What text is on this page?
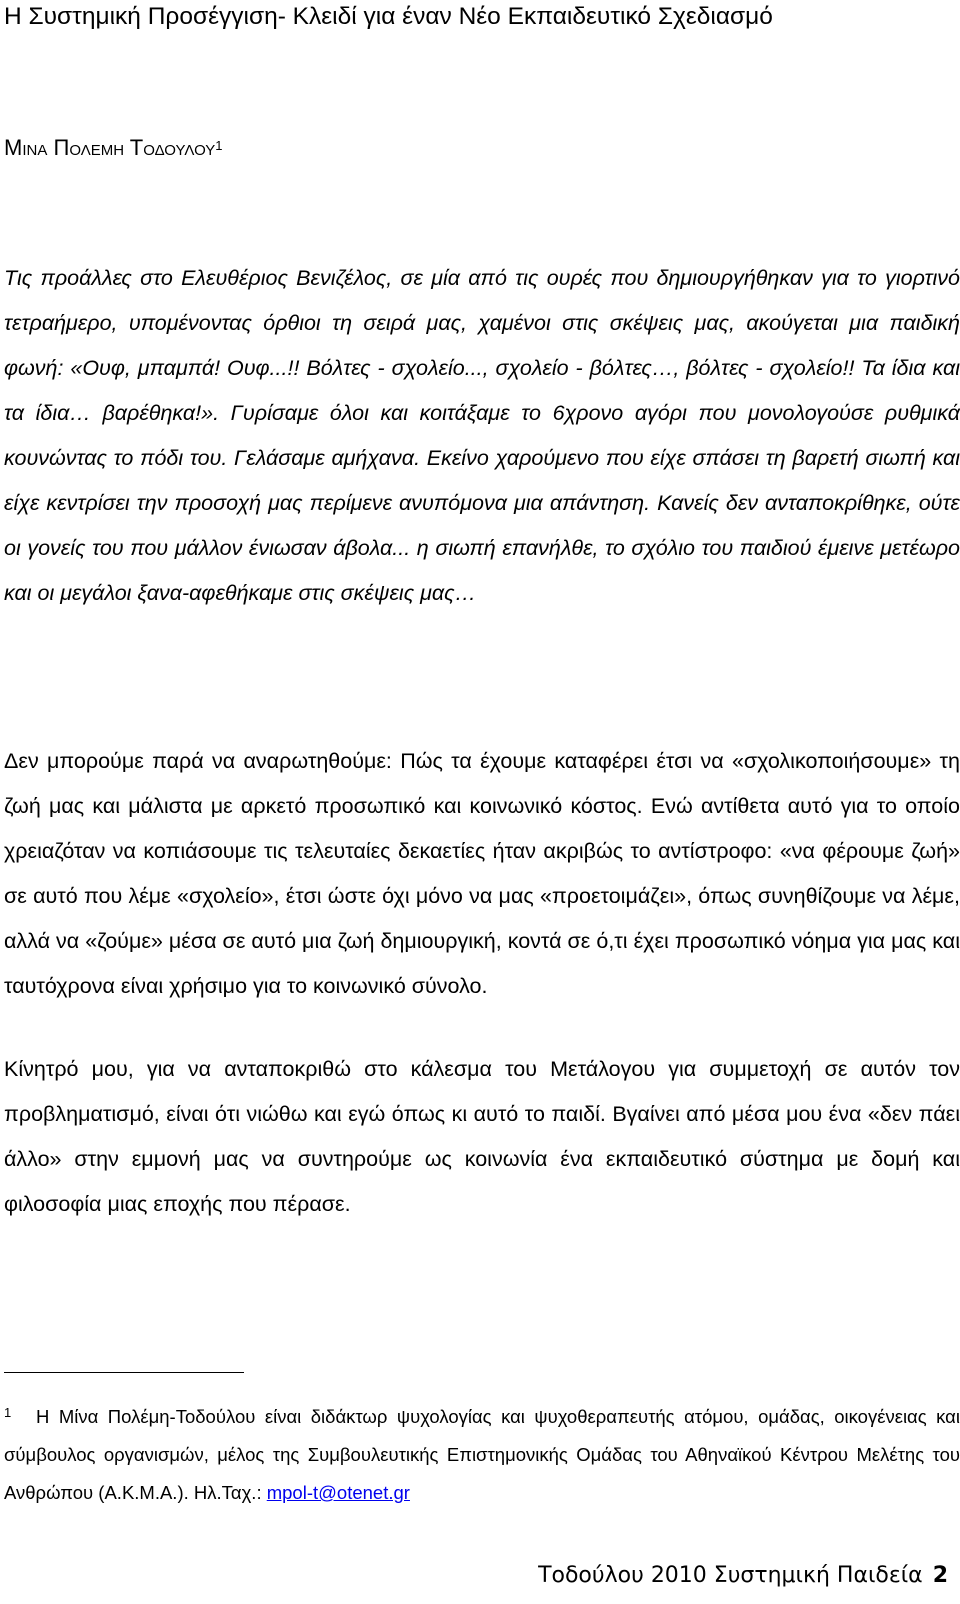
Η Συστημική Προσέγγιση- Κλειδί για έναν Νέο Εκπαιδευτικό Σχεδιασμό
Μινα Πολεμη Τοδουλου$^1$

Τις προάλλες στο Ελευθέριος Βενιζέλος, σε μία από τις ουρές που δημιουργήθηκαν για το γιορτινό τετραήμερο, υπομένοντας όρθιοι τη σειρά μας, χαμένοι στις σκέψεις μας, ακούγεται μια παιδική φωνή: «Ουφ, μπαμπά! Ουφ...!! Βόλτες - σχολείο..., σχολείο - βόλτες…, βόλτες - σχολείο!! Τα ίδια και τα ίδια… βαρέθηκα!». Γυρίσαμε όλοι και κοιτάξαμε το 6χρονο αγόρι που μονολογούσε ρυθμικά κουνώντας το πόδι του. Γελάσαμε αμήχανα. Εκείνο χαρούμενο που είχε σπάσει τη βαρετή σιωπή και είχε κεντρίσει την προσοχή μας περίμενε ανυπόμονα μια απάντηση. Κανείς δεν ανταποκρίθηκε, ούτε οι γονείς του που μάλλον ένιωσαν άβολα... η σιωπή επανήλθε, το σχόλιο του παιδιού έμεινε μετέωρο και οι μεγάλοι ξανα-αφεθήκαμε στις σκέψεις μας…

Δεν μπορούμε παρά να αναρωτηθούμε: Πώς τα έχουμε καταφέρει έτσι να «σχολικοποιήσουμε» τη ζωή μας και μάλιστα με αρκετό προσωπικό και κοινωνικό κόστος. Ενώ αντίθετα αυτό για το οποίο χρειαζόταν να κοπιάσουμε τις τελευταίες δεκαετίες ήταν ακριβώς το αντίστροφο: «να φέρουμε ζωή» σε αυτό που λέμε «σχολείο», έτσι ώστε όχι μόνο να μας «προετοιμάζει», όπως συνηθίζουμε να λέμε, αλλά να «ζούμε» μέσα σε αυτό μια ζωή δημιουργική, κοντά σε ό,τι έχει προσωπικό νόημα για μας και ταυτόχρονα είναι χρήσιμο για το κοινωνικό σύνολο.

Κίνητρό μου, για να ανταποκριθώ στο κάλεσμα του Μετάλογου για συμμετοχή σε αυτόν τον προβληματισμό, είναι ότι νιώθω και εγώ όπως κι αυτό το παιδί. Βγαίνει από μέσα μου ένα «δεν πάει άλλο» στην εμμονή μας να συντηρούμε ως κοινωνία ένα εκπαιδευτικό σύστημα με δομή και φιλοσοφία μιας εποχής που πέρασε.

1 Η Μίνα Πολέμη-Τοδούλου είναι διδάκτωρ ψυχολογίας και ψυχοθεραπευτής ατόμου, ομάδας, οικογένειας και σύμβουλος οργανισμών, μέλος της Συμβουλευτικής Επιστημονικής Ομάδας του Αθηναϊκού Κέντρου Μελέτης του Ανθρώπου (Α.Κ.Μ.Α.). Ηλ.Ταχ.: mpol-t@otenet.gr

Τοδούλου 2010 Συστημική Παιδεία 2
